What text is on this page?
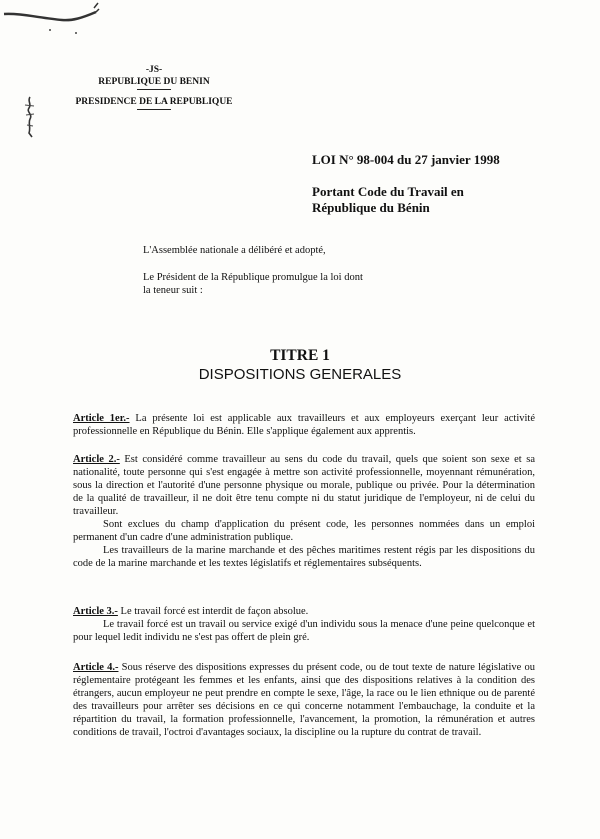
-JS-
REPUBLIQUE DU BENIN
PRESIDENCE DE LA REPUBLIQUE
LOI N° 98-004 du 27 janvier 1998
Portant Code du Travail en
République du Bénin
L'Assemblée nationale a délibéré et adopté,
Le Président de la République promulgue la loi dont
la teneur suit :
TITRE 1
DISPOSITIONS GENERALES

Article 1er.- La présente loi est applicable aux travailleurs et aux employeurs exerçant leur activité professionnelle en République du Bénin. Elle s'applique également aux apprentis.

Article 2.- Est considéré comme travailleur au sens du code du travail, quels que soient son sexe et sa nationalité, toute personne qui s'est engagée à mettre son activité professionnelle, moyennant rémunération, sous la direction et l'autorité d'une personne physique ou morale, publique ou privée. Pour la détermination de la qualité de travailleur, il ne doit être tenu compte ni du statut juridique de l'employeur, ni de celui du travailleur.

Sont exclues du champ d'application du présent code, les personnes nommées dans un emploi permanent d'un cadre d'une administration publique.

Les travailleurs de la marine marchande et des pêches maritimes restent régis par les dispositions du code de la marine marchande et les textes législatifs et réglementaires subséquents.

Article 3.- Le travail forcé est interdit de façon absolue.

Le travail forcé est un travail ou service exigé d'un individu sous la menace d'une peine quelconque et pour lequel ledit individu ne s'est pas offert de plein gré.

Article 4.- Sous réserve des dispositions expresses du présent code, ou de tout texte de nature législative ou réglementaire protégeant les femmes et les enfants, ainsi que des dispositions relatives à la condition des étrangers, aucun employeur ne peut prendre en compte le sexe, l'âge, la race ou le lien ethnique ou de parenté des travailleurs pour arrêter ses décisions en ce qui concerne notamment l'embauchage, la conduite et la répartition du travail, la formation professionnelle, l'avancement, la promotion, la rémunération et autres conditions de travail, l'octroi d'avantages sociaux, la discipline ou la rupture du contrat de travail.
